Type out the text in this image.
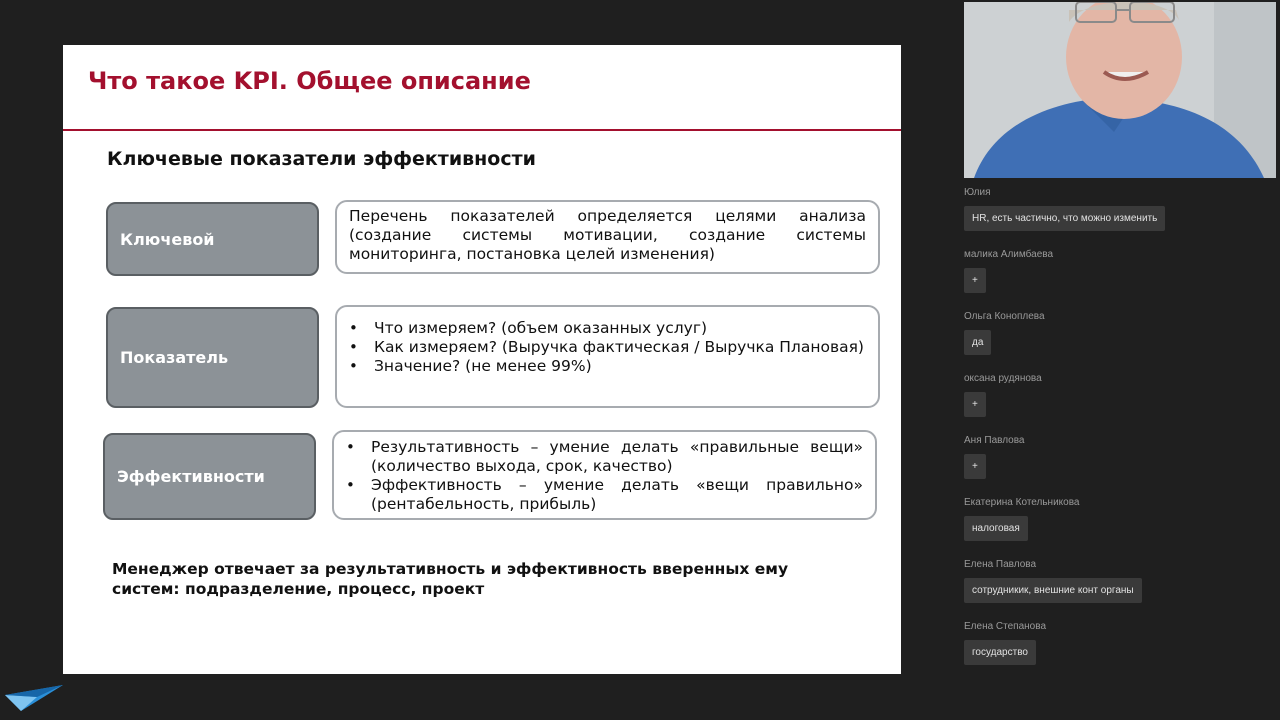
Что такое KPI. Общее описание
Ключевые показатели эффективности
Ключевой
Перечень показателей определяется целями анализа (создание системы мотивации, создание системы мониторинга, постановка целей изменения)
Показатель
• Что измеряем? (объем оказанных услуг)
• Как измеряем? (Выручка фактическая / Выручка Плановая)
• Значение? (не менее 99%)
Эффективности
• Результативность – умение делать «правильные вещи» (количество выхода, срок, качество)
• Эффективность – умение делать «вещи правильно» (рентабельность, прибыль)
Менеджер отвечает за результативность и эффективность вверенных ему систем: подразделение, процесс, проект
Юлия
HR, есть частично, что можно изменить
малика Алимбаева
+
Ольга Коноплева
да
оксана рудянова
+
Аня Павлова
+
Екатерина Котельникова
налоговая
Елена Павлова
сотрудникик, внешние конт органы
Елена Степанова
государство
